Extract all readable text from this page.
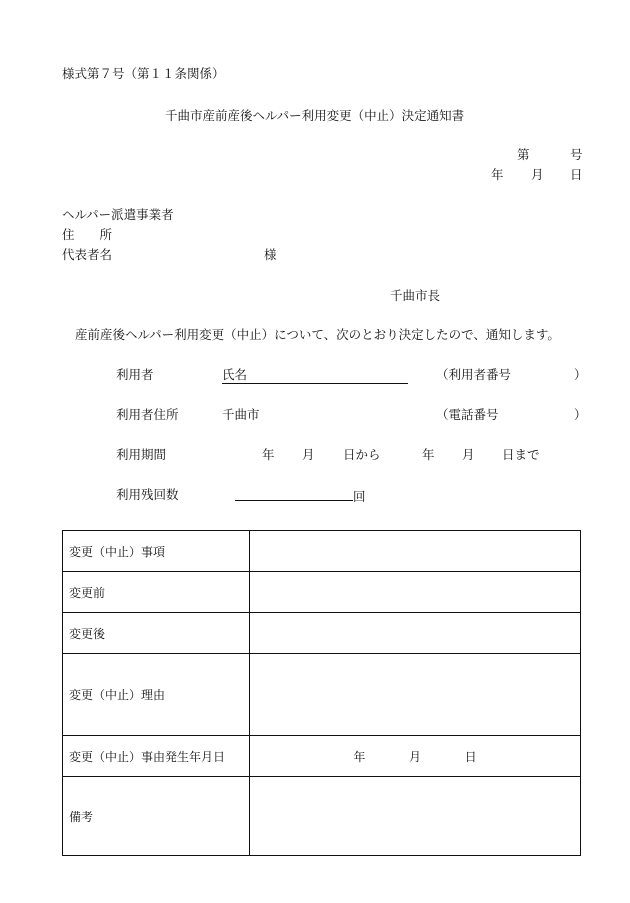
様式第７号（第１１条関係）
千曲市産前産後ヘルパー利用変更（中止）決定通知書
第	号
年 月 日
ヘルパー派遣事業者
住　　所
代表者名	様
千曲市長
産前産後ヘルパー利用変更（中止）について、次のとおり決定したので、通知します。
利用者	氏名	（利用者番号	）
利用者住所	千曲市	（電話番号	）
利用期間	年 月 日から	年 月 日まで
利用残回数	回
変更（中止）事項	
変更前	
変更後	
変更（中止）理由	
変更（中止）事由発生年月日	年 月 日
備考	
